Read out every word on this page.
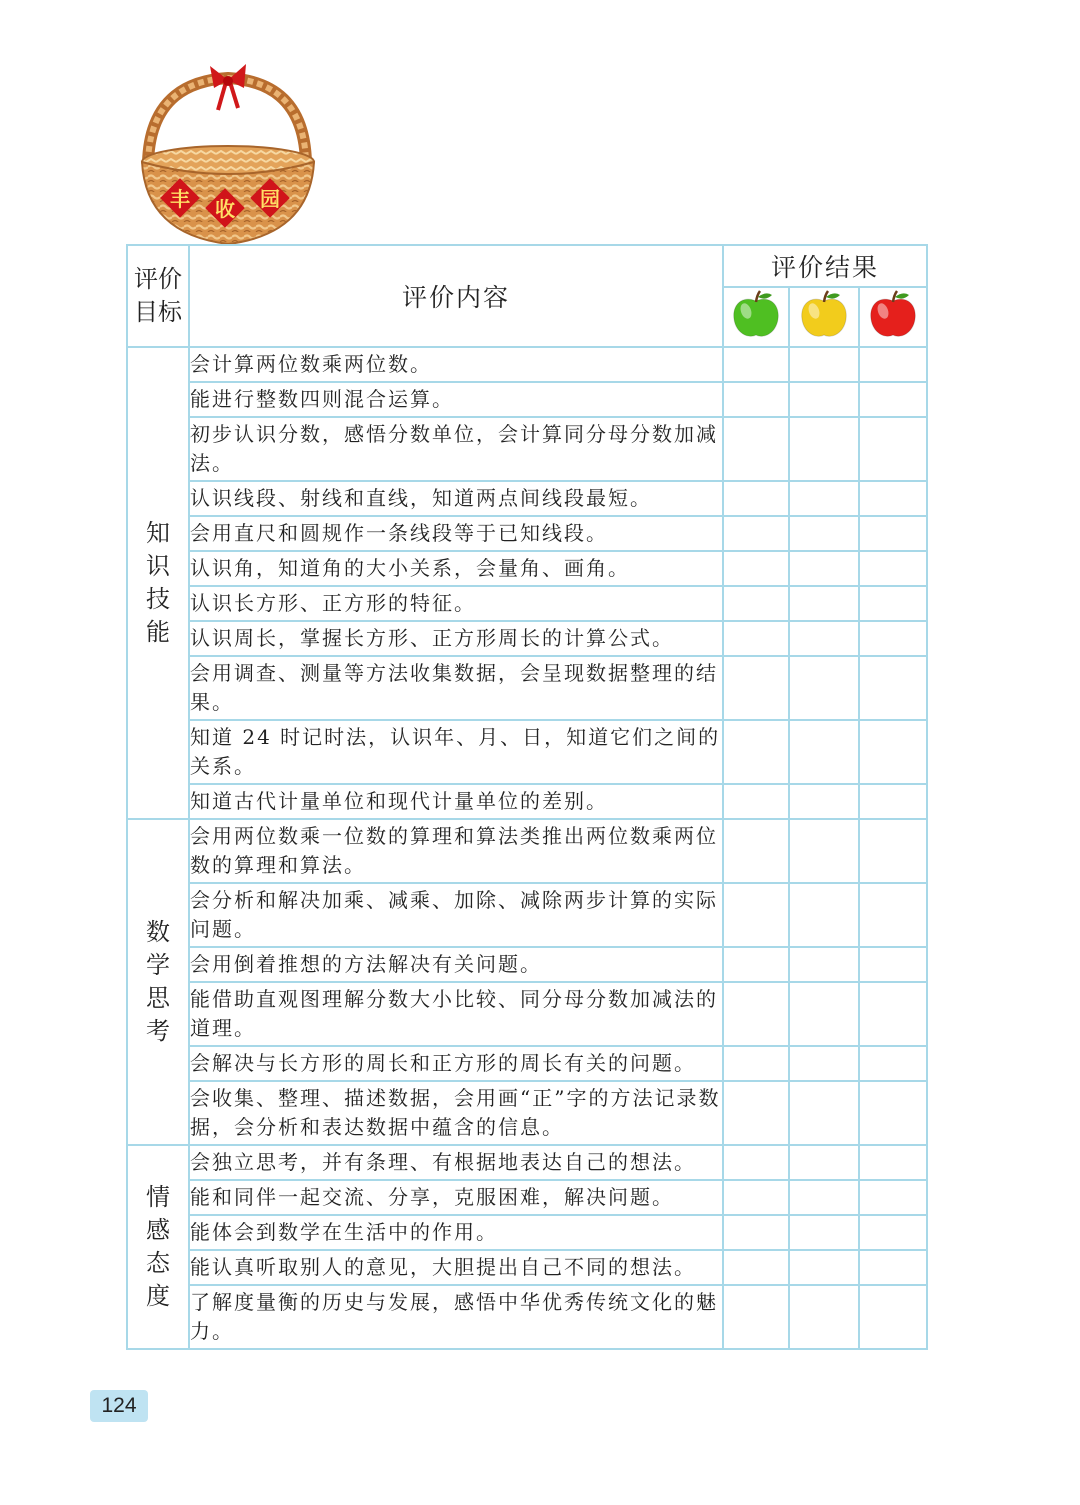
丰 收 园
评价目标	评价内容	评价结果		

知识技能	会计算两位数乘两位数。			
	能进行整数四则混合运算。			
	初步认识分数，感悟分数单位，会计算同分母分数加减法。			
	认识线段、射线和直线，知道两点间线段最短。			
	会用直尺和圆规作一条线段等于已知线段。			
	认识角，知道角的大小关系，会量角、画角。			
	认识长方形、正方形的特征。			
	认识周长，掌握长方形、正方形周长的计算公式。			
	会用调查、测量等方法收集数据，会呈现数据整理的结果。			
	知道 24 时记时法，认识年、月、日，知道它们之间的关系。			
	知道古代计量单位和现代计量单位的差别。			
数学思考	会用两位数乘一位数的算理和算法类推出两位数乘两位数的算理和算法。			
	会分析和解决加乘、减乘、加除、减除两步计算的实际问题。			
	会用倒着推想的方法解决有关问题。			
	能借助直观图理解分数大小比较、同分母分数加减法的道理。			
	会解决与长方形的周长和正方形的周长有关的问题。			
	会收集、整理、描述数据，会用画“正”字的方法记录数据，会分析和表达数据中蕴含的信息。			
情感态度	会独立思考，并有条理、有根据地表达自己的想法。			
	能和同伴一起交流、分享，克服困难，解决问题。			
	能体会到数学在生活中的作用。			
	能认真听取别人的意见，大胆提出自己不同的想法。			
	了解度量衡的历史与发展，感悟中华优秀传统文化的魅力。			
124
